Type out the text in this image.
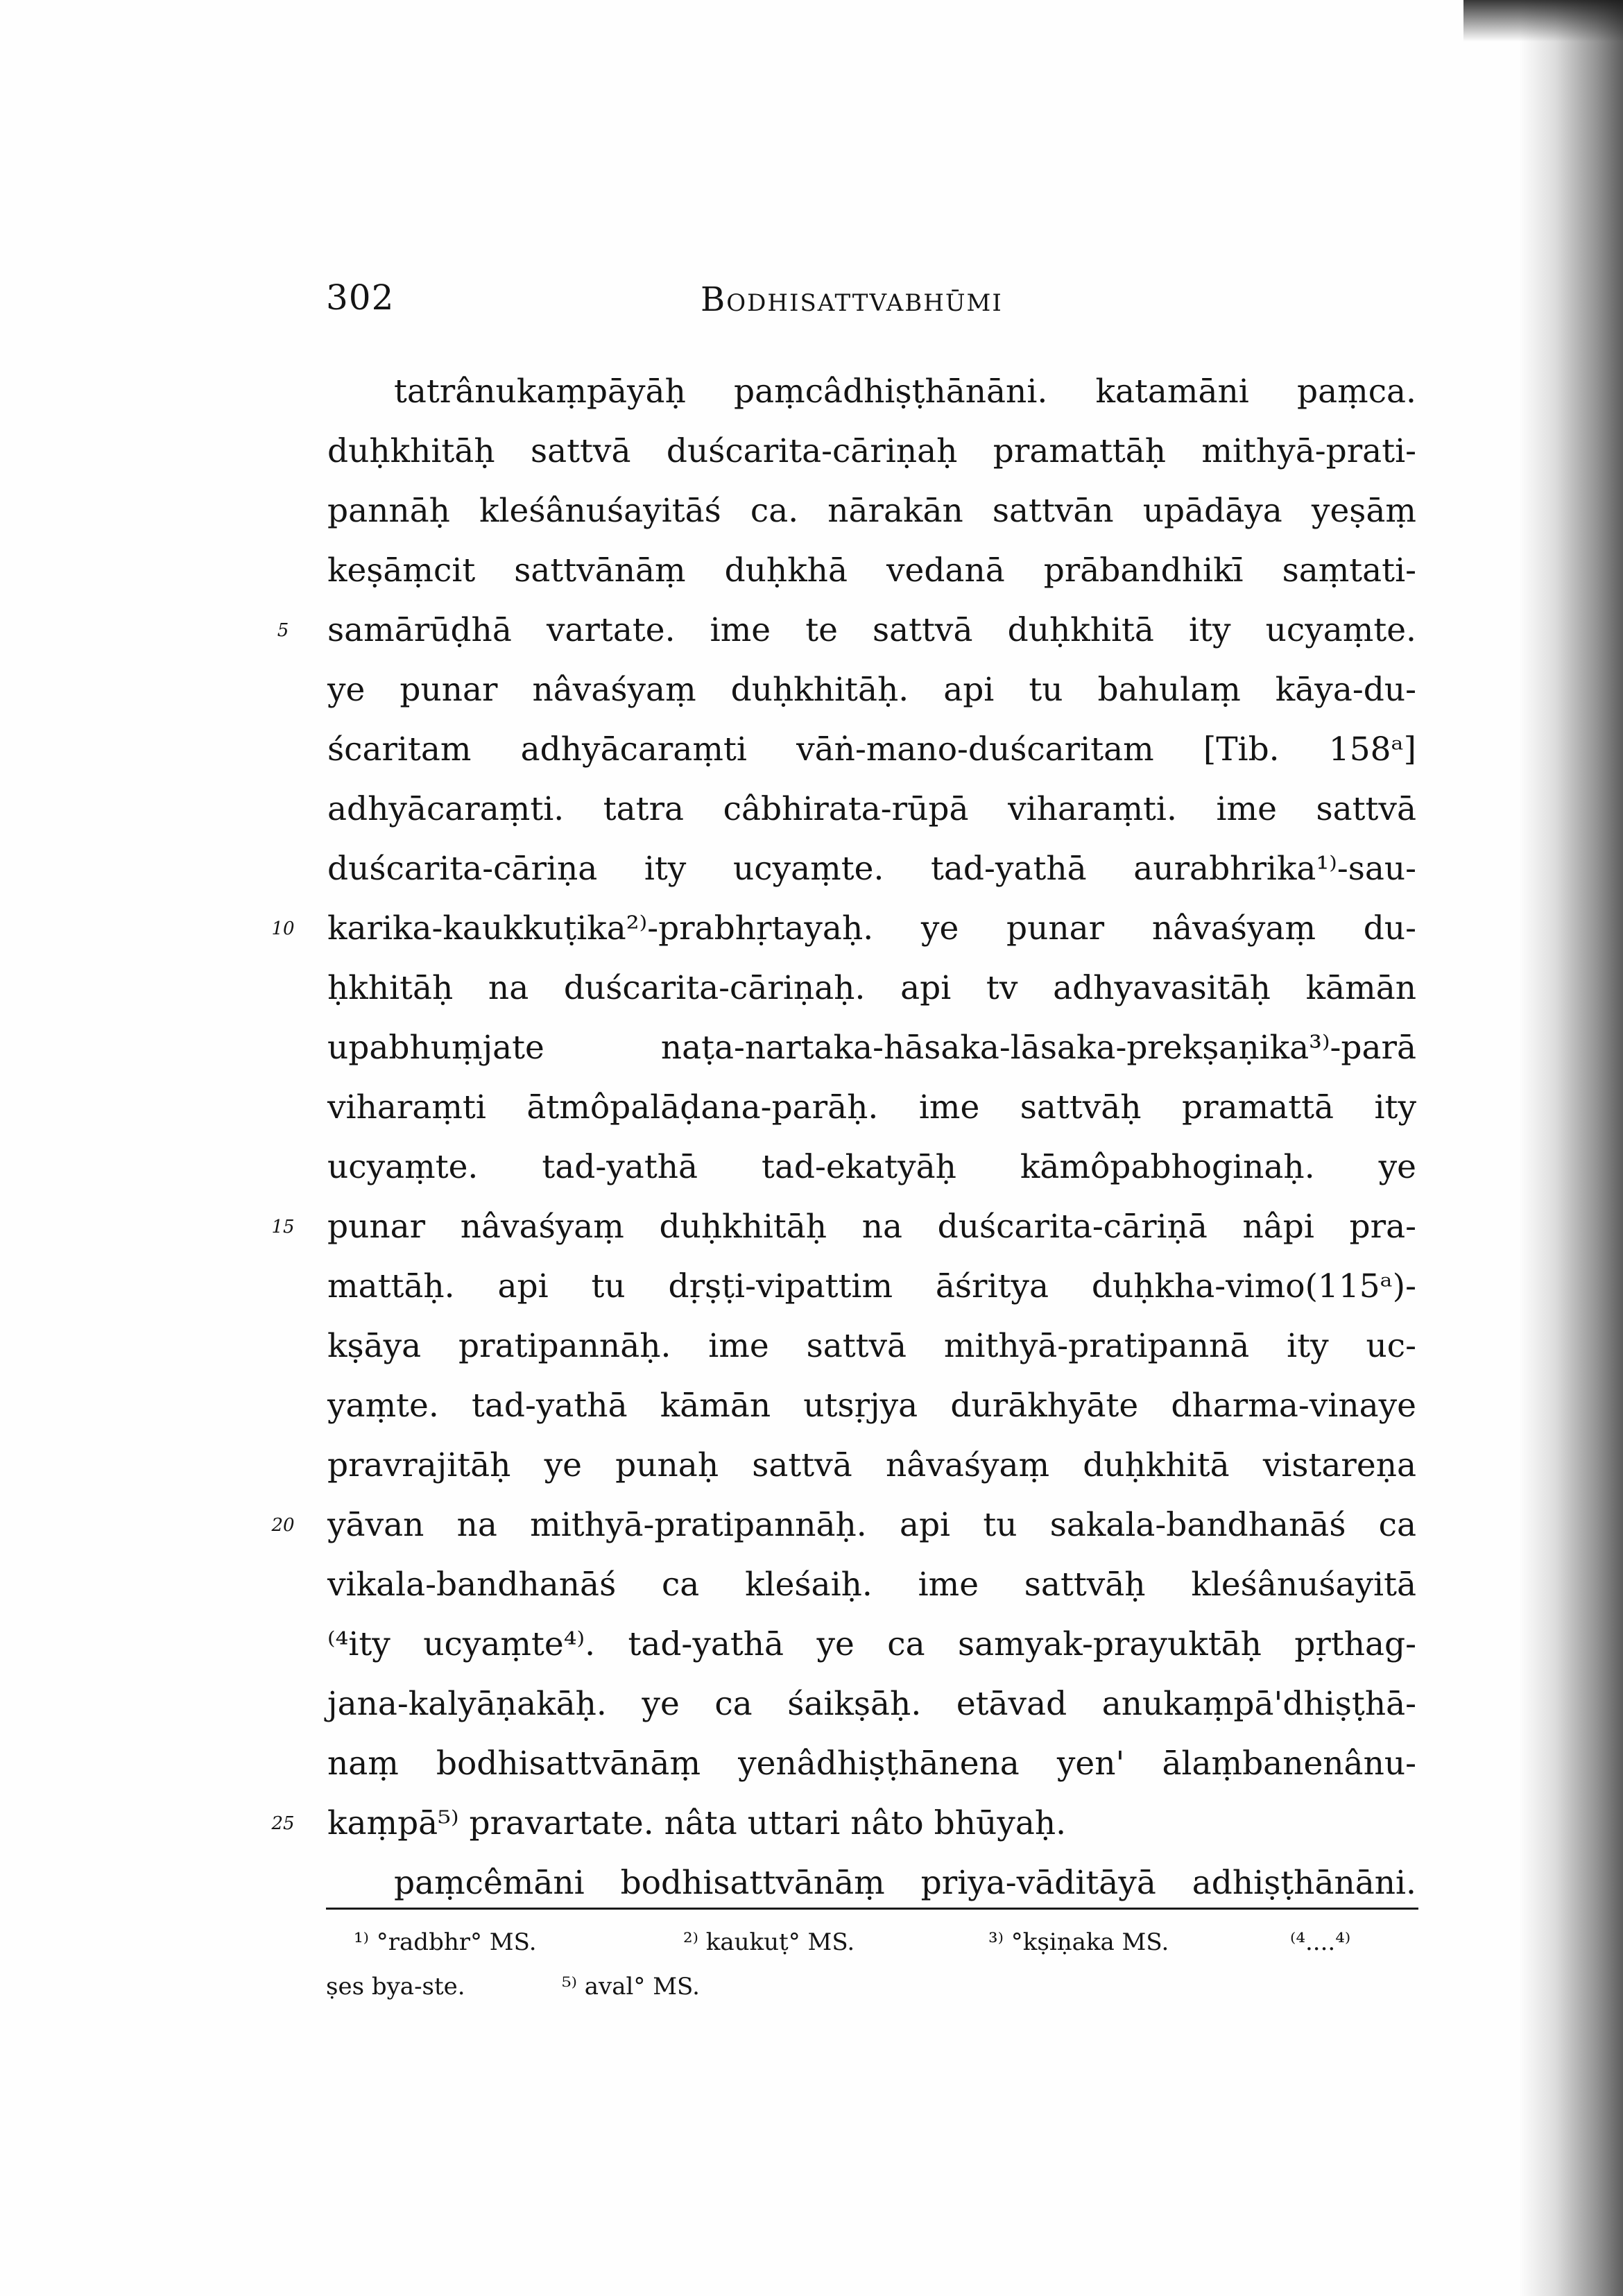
302	Bodhisattvabhūmi
tatrânukaṃpāyāḥ paṃcâdhiṣṭhānāni. katamāni paṃca.
duḥkhitāḥ sattvā duścarita-cāriṇaḥ pramattāḥ mithyā-prati-
pannāḥ kleśânuśayitāś ca. nārakān sattvān upādāya yeṣāṃ
keṣāṃcit sattvānāṃ duḥkhā vedanā prābandhikī saṃtati-
5 samārūḍhā vartate. ime te sattvā duḥkhitā ity ucyaṃte.
ye punar nâvaśyaṃ duḥkhitāḥ. api tu bahulaṃ kāya-du-
ścaritam adhyācaraṃti vāṅ-mano-duścaritam [Tib. 158ᵃ]
adhyācaraṃti. tatra câbhirata-rūpā viharaṃti. ime sattvā
duścarita-cāriṇa ity ucyaṃte. tad-yathā aurabhrika¹⁾-sau-
10 karika-kaukkuṭika²⁾-prabhṛtayaḥ. ye punar nâvaśyaṃ du-
ḥkhitāḥ na duścarita-cāriṇaḥ. api tv adhyavasitāḥ kāmān
upabhuṃjate naṭa-nartaka-hāsaka-lāsaka-prekṣaṇika³⁾-parā
viharaṃti ātmôpalāḍana-parāḥ. ime sattvāḥ pramattā ity
ucyaṃte. tad-yathā tad-ekatyāḥ kāmôpabhoginaḥ. ye
15 punar nâvaśyaṃ duḥkhitāḥ na duścarita-cāriṇā nâpi pra-
mattāḥ. api tu dṛṣṭi-vipattim āśritya duḥkha-vimo(115ᵃ)-
kṣāya pratipannāḥ. ime sattvā mithyā-pratipannā ity uc-
yaṃte. tad-yathā kāmān utsṛjya durākhyāte dharma-vinaye
pravrajitāḥ ye punaḥ sattvā nâvaśyaṃ duḥkhitā vistareṇa
20 yāvan na mithyā-pratipannāḥ. api tu sakala-bandhanāś ca
vikala-bandhanāś ca kleśaiḥ. ime sattvāḥ kleśânuśayitā
⁽⁴ity ucyaṃte⁴⁾. tad-yathā ye ca samyak-prayuktāḥ pṛthag-
jana-kalyāṇakāḥ. ye ca śaikṣāḥ. etāvad anukaṃpā'dhiṣṭhā-
naṃ bodhisattvānāṃ yenâdhiṣṭhānena yen' ālaṃbanenânu-
25 kaṃpā⁵⁾ pravartate. nâta uttari nâto bhūyaḥ.
paṃcêmāni bodhisattvānāṃ priya-vāditāyā adhiṣṭhānāni.
¹⁾ °radbhr° MS.	²⁾ kaukuṭ° MS.	³⁾ °kṣiṇaka MS.	⁽⁴....⁴⁾
ṣes bya-ste.	⁵⁾ aval° MS.
